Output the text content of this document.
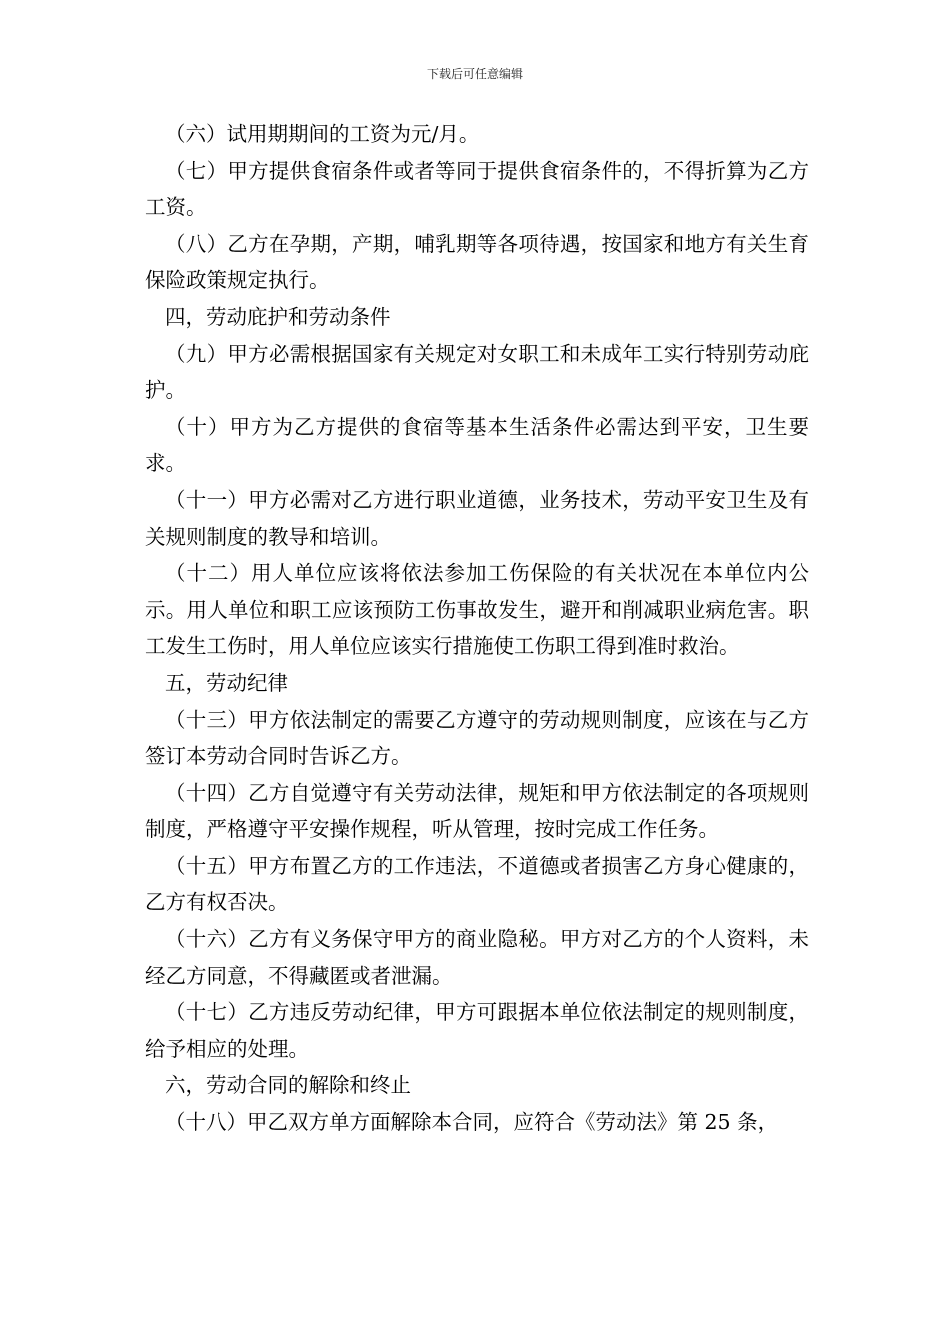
下载后可任意编辑

（六）试用期期间的工资为元/月。

（七）甲方提供食宿条件或者等同于提供食宿条件的，不得折算为乙方工资。

（八）乙方在孕期，产期，哺乳期等各项待遇，按国家和地方有关生育保险政策规定执行。

四，劳动庇护和劳动条件

（九）甲方必需根据国家有关规定对女职工和未成年工实行特别劳动庇护。

（十）甲方为乙方提供的食宿等基本生活条件必需达到平安，卫生要求。

（十一）甲方必需对乙方进行职业道德，业务技术，劳动平安卫生及有关规则制度的教导和培训。

（十二）用人单位应该将依法参加工伤保险的有关状况在本单位内公示。用人单位和职工应该预防工伤事故发生，避开和削减职业病危害。职工发生工伤时，用人单位应该实行措施使工伤职工得到准时救治。

五，劳动纪律

（十三）甲方依法制定的需要乙方遵守的劳动规则制度，应该在与乙方签订本劳动合同时告诉乙方。

（十四）乙方自觉遵守有关劳动法律，规矩和甲方依法制定的各项规则制度，严格遵守平安操作规程，听从管理，按时完成工作任务。

（十五）甲方布置乙方的工作违法，不道德或者损害乙方身心健康的，乙方有权否决。

（十六）乙方有义务保守甲方的商业隐秘。甲方对乙方的个人资料，未经乙方同意，不得藏匿或者泄漏。

（十七）乙方违反劳动纪律，甲方可跟据本单位依法制定的规则制度，给予相应的处理。

六，劳动合同的解除和终止

（十八）甲乙双方单方面解除本合同，应符合《劳动法》第 25 条，
